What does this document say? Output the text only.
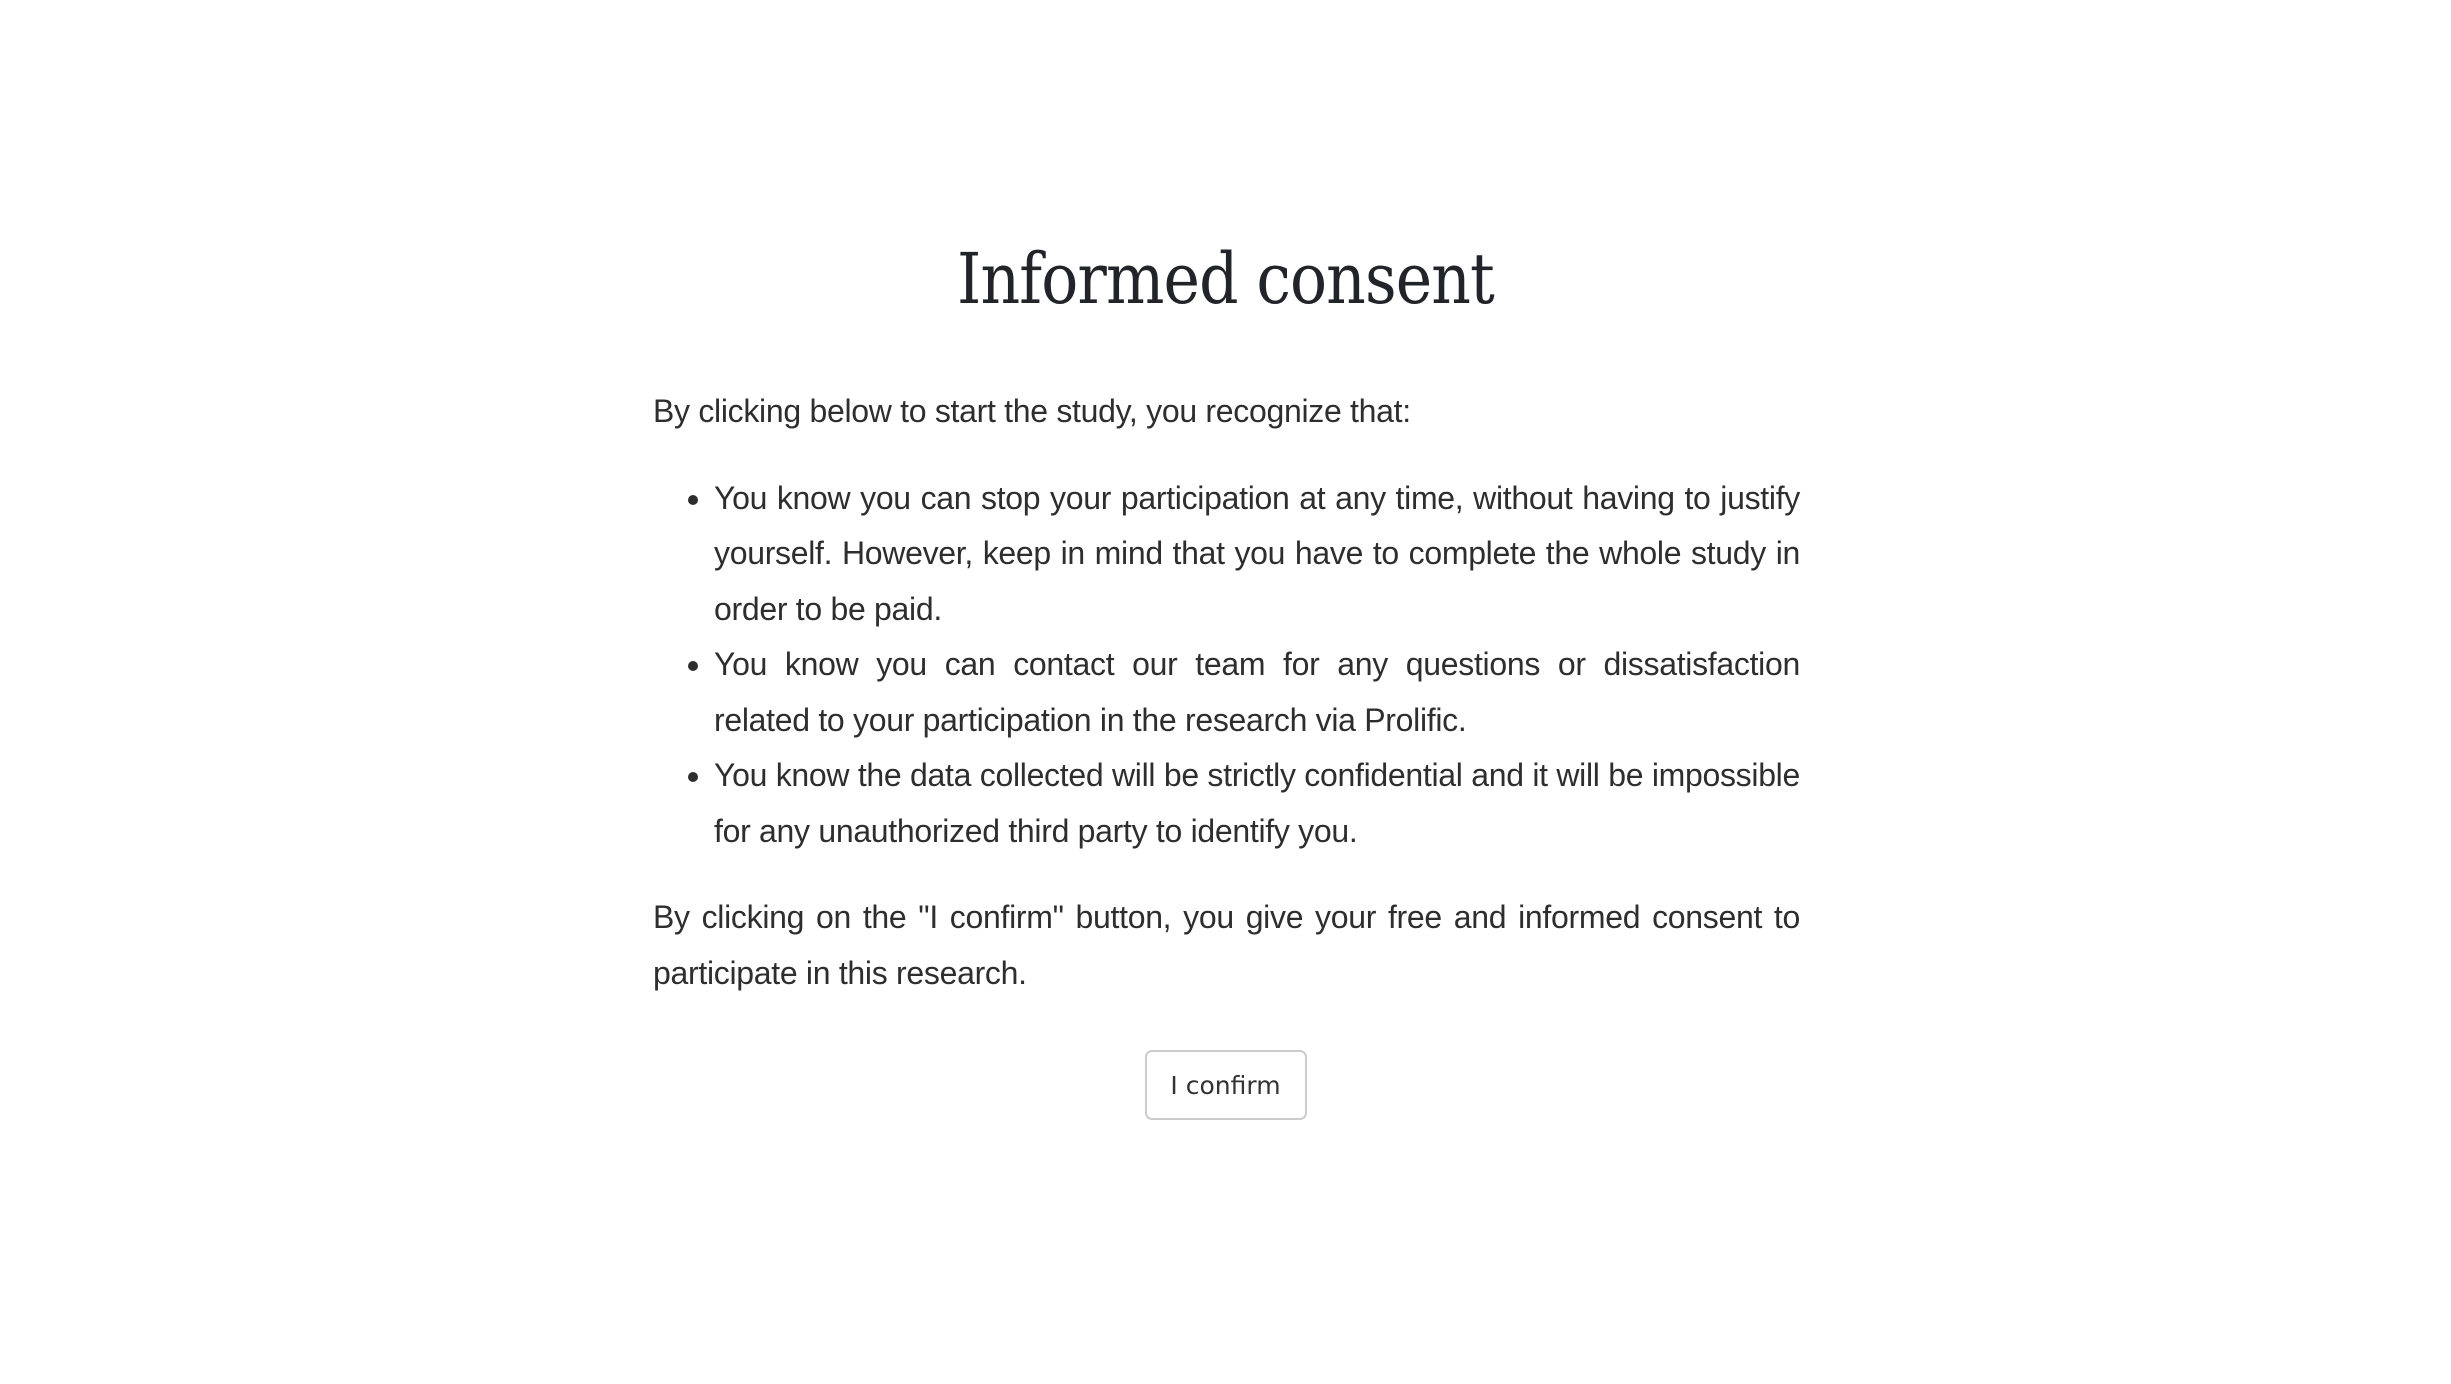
Informed consent

By clicking below to start the study, you recognize that:

• You know you can stop your participation at any time, without having to justify yourself. However, keep in mind that you have to complete the whole study in order to be paid.
• You know you can contact our team for any questions or dissatisfaction related to your participation in the research via Prolific.
• You know the data collected will be strictly confidential and it will be impossible for any unauthorized third party to identify you.

By clicking on the "I confirm" button, you give your free and informed consent to participate in this research.

I confirm
